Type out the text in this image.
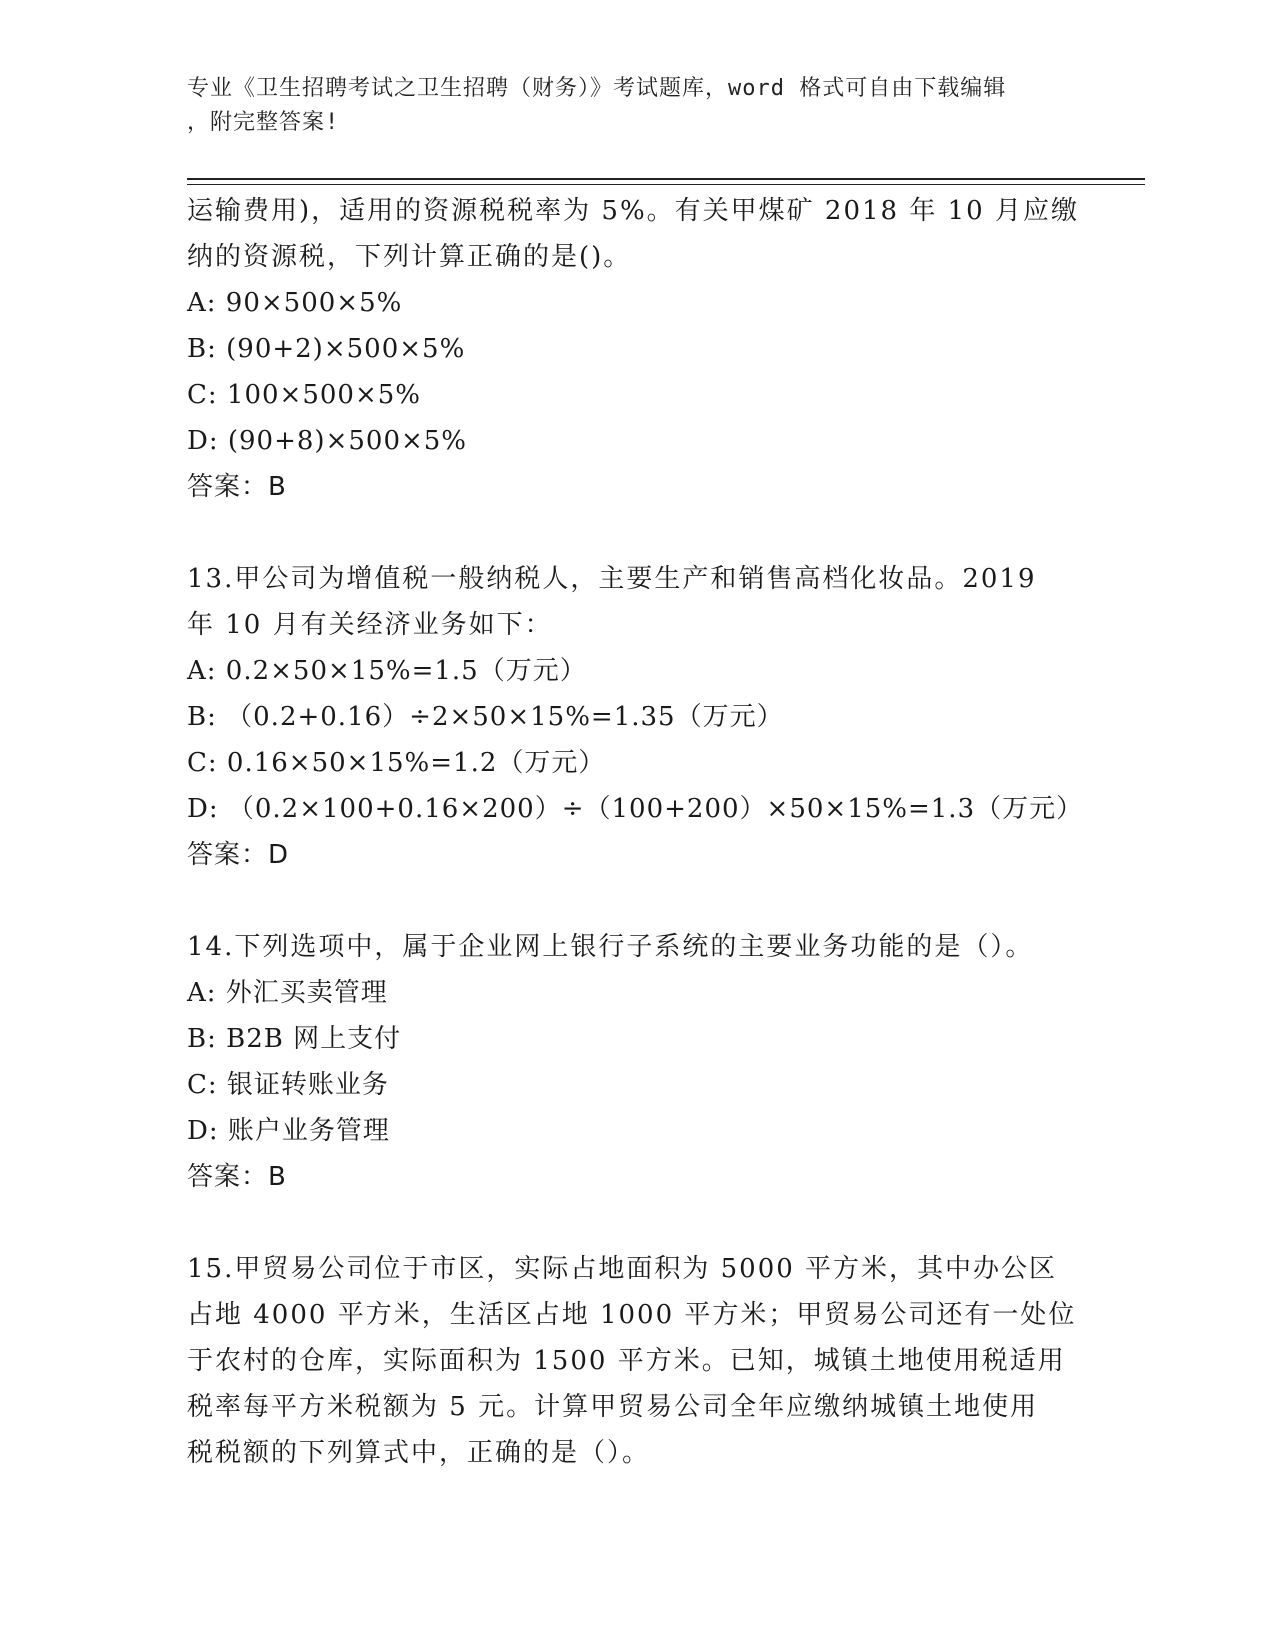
专业《卫生招聘考试之卫生招聘（财务）》考试题库，word 格式可自由下载编辑
，附完整答案!

运输费用)，适用的资源税税率为 5%。有关甲煤矿 2018 年 10 月应缴

纳的资源税，下列计算正确的是()。

A: 90×500×5%

B: (90+2)×500×5%

C: 100×500×5%

D: (90+8)×500×5%

答案：B

13.甲公司为增值税一般纳税人，主要生产和销售高档化妆品。2019

年 10 月有关经济业务如下：

A: 0.2×50×15%=1.5（万元）

B: （0.2+0.16）÷2×50×15%=1.35（万元）

C: 0.16×50×15%=1.2（万元）

D: （0.2×100+0.16×200）÷（100+200）×50×15%=1.3（万元）

答案：D

14.下列选项中，属于企业网上银行子系统的主要业务功能的是（）。

A: 外汇买卖管理

B: B2B 网上支付

C: 银证转账业务

D: 账户业务管理

答案：B

15.甲贸易公司位于市区，实际占地面积为 5000 平方米，其中办公区

占地 4000 平方米，生活区占地 1000 平方米；甲贸易公司还有一处位

于农村的仓库，实际面积为 1500 平方米。已知，城镇土地使用税适用

税率每平方米税额为 5 元。计算甲贸易公司全年应缴纳城镇土地使用

税税额的下列算式中，正确的是（）。
